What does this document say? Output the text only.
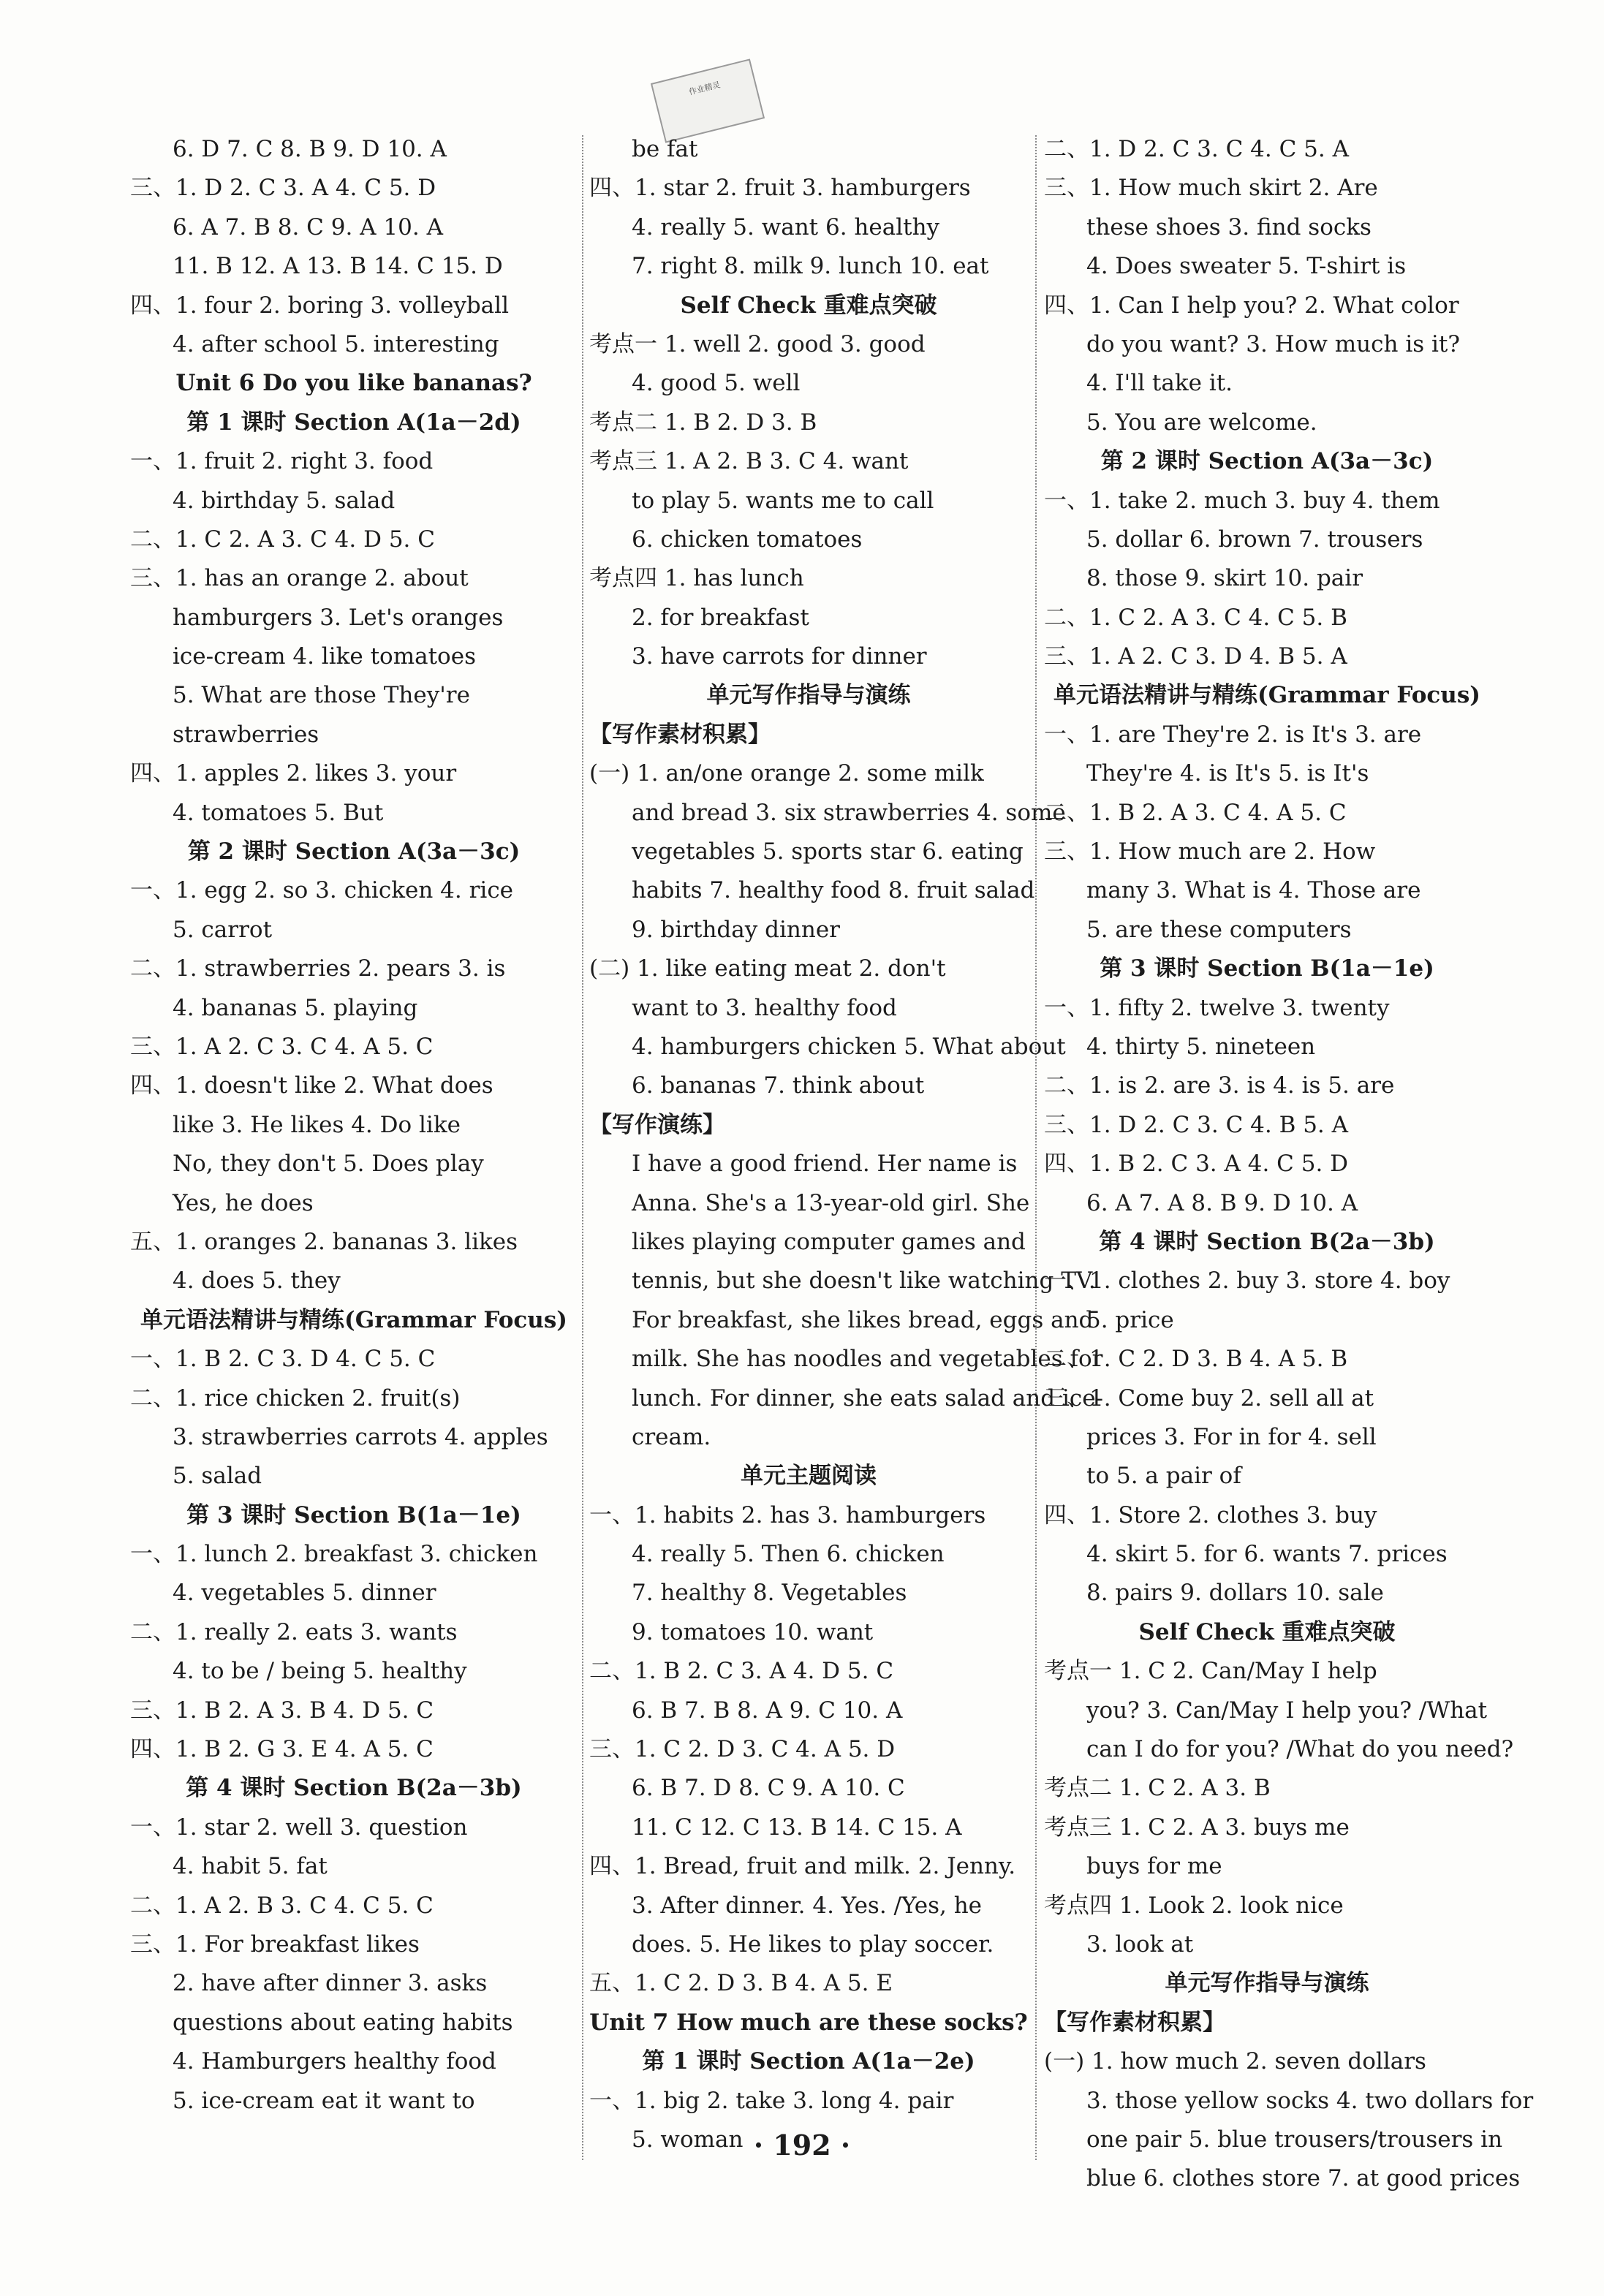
作业精灵
6. D 7. C 8. B 9. D 10. A
三、1. D 2. C 3. A 4. C 5. D
6. A 7. B 8. C 9. A 10. A
11. B 12. A 13. B 14. C 15. D
四、1. four 2. boring 3. volleyball
4. after school 5. interesting
Unit 6 Do you like bananas?
第 1 课时 Section A(1a－2d)
一、1. fruit 2. right 3. food
4. birthday 5. salad
二、1. C 2. A 3. C 4. D 5. C
三、1. has an orange 2. about
hamburgers 3. Let's oranges
ice-cream 4. like tomatoes
5. What are those They're
strawberries
四、1. apples 2. likes 3. your
4. tomatoes 5. But
第 2 课时 Section A(3a－3c)
一、1. egg 2. so 3. chicken 4. rice
5. carrot
二、1. strawberries 2. pears 3. is
4. bananas 5. playing
三、1. A 2. C 3. C 4. A 5. C
四、1. doesn't like 2. What does
like 3. He likes 4. Do like
No, they don't 5. Does play
Yes, he does
五、1. oranges 2. bananas 3. likes
4. does 5. they
单元语法精讲与精练(Grammar Focus)
一、1. B 2. C 3. D 4. C 5. C
二、1. rice chicken 2. fruit(s)
3. strawberries carrots 4. apples
5. salad
第 3 课时 Section B(1a－1e)
一、1. lunch 2. breakfast 3. chicken
4. vegetables 5. dinner
二、1. really 2. eats 3. wants
4. to be / being 5. healthy
三、1. B 2. A 3. B 4. D 5. C
四、1. B 2. G 3. E 4. A 5. C
第 4 课时 Section B(2a－3b)
一、1. star 2. well 3. question
4. habit 5. fat
二、1. A 2. B 3. C 4. C 5. C
三、1. For breakfast likes
2. have after dinner 3. asks
questions about eating habits
4. Hamburgers healthy food
5. ice-cream eat it want to
be fat
四、1. star 2. fruit 3. hamburgers
4. really 5. want 6. healthy
7. right 8. milk 9. lunch 10. eat
Self Check 重难点突破
考点一 1. well 2. good 3. good
4. good 5. well
考点二 1. B 2. D 3. B
考点三 1. A 2. B 3. C 4. want
to play 5. wants me to call
6. chicken tomatoes
考点四 1. has lunch
2. for breakfast
3. have carrots for dinner
单元写作指导与演练
【写作素材积累】
(一) 1. an/one orange 2. some milk
and bread 3. six strawberries 4. some
vegetables 5. sports star 6. eating
habits 7. healthy food 8. fruit salad
9. birthday dinner
(二) 1. like eating meat 2. don't
want to 3. healthy food
4. hamburgers chicken 5. What about
6. bananas 7. think about
【写作演练】
I have a good friend. Her name is
Anna. She's a 13-year-old girl. She
likes playing computer games and
tennis, but she doesn't like watching TV.
For breakfast, she likes bread, eggs and
milk. She has noodles and vegetables for
lunch. For dinner, she eats salad and ice-
cream.
单元主题阅读
一、1. habits 2. has 3. hamburgers
4. really 5. Then 6. chicken
7. healthy 8. Vegetables
9. tomatoes 10. want
二、1. B 2. C 3. A 4. D 5. C
6. B 7. B 8. A 9. C 10. A
三、1. C 2. D 3. C 4. A 5. D
6. B 7. D 8. C 9. A 10. C
11. C 12. C 13. B 14. C 15. A
四、1. Bread, fruit and milk. 2. Jenny.
3. After dinner. 4. Yes. /Yes, he
does. 5. He likes to play soccer.
五、1. C 2. D 3. B 4. A 5. E
Unit 7 How much are these socks?
第 1 课时 Section A(1a－2e)
一、1. big 2. take 3. long 4. pair
5. woman
二、1. D 2. C 3. C 4. C 5. A
三、1. How much skirt 2. Are
these shoes 3. find socks
4. Does sweater 5. T-shirt is
四、1. Can I help you? 2. What color
do you want? 3. How much is it?
4. I'll take it.
5. You are welcome.
第 2 课时 Section A(3a－3c)
一、1. take 2. much 3. buy 4. them
5. dollar 6. brown 7. trousers
8. those 9. skirt 10. pair
二、1. C 2. A 3. C 4. C 5. B
三、1. A 2. C 3. D 4. B 5. A
单元语法精讲与精练(Grammar Focus)
一、1. are They're 2. is It's 3. are
They're 4. is It's 5. is It's
二、1. B 2. A 3. C 4. A 5. C
三、1. How much are 2. How
many 3. What is 4. Those are
5. are these computers
第 3 课时 Section B(1a－1e)
一、1. fifty 2. twelve 3. twenty
4. thirty 5. nineteen
二、1. is 2. are 3. is 4. is 5. are
三、1. D 2. C 3. C 4. B 5. A
四、1. B 2. C 3. A 4. C 5. D
6. A 7. A 8. B 9. D 10. A
第 4 课时 Section B(2a－3b)
一、1. clothes 2. buy 3. store 4. boy
5. price
二、1. C 2. D 3. B 4. A 5. B
三、1. Come buy 2. sell all at
prices 3. For in for 4. sell
to 5. a pair of
四、1. Store 2. clothes 3. buy
4. skirt 5. for 6. wants 7. prices
8. pairs 9. dollars 10. sale
Self Check 重难点突破
考点一 1. C 2. Can/May I help
you? 3. Can/May I help you? /What
can I do for you? /What do you need?
考点二 1. C 2. A 3. B
考点三 1. C 2. A 3. buys me
buys for me
考点四 1. Look 2. look nice
3. look at
单元写作指导与演练
【写作素材积累】
(一) 1. how much 2. seven dollars
3. those yellow socks 4. two dollars for
one pair 5. blue trousers/trousers in
blue 6. clothes store 7. at good prices
· 192 ·
